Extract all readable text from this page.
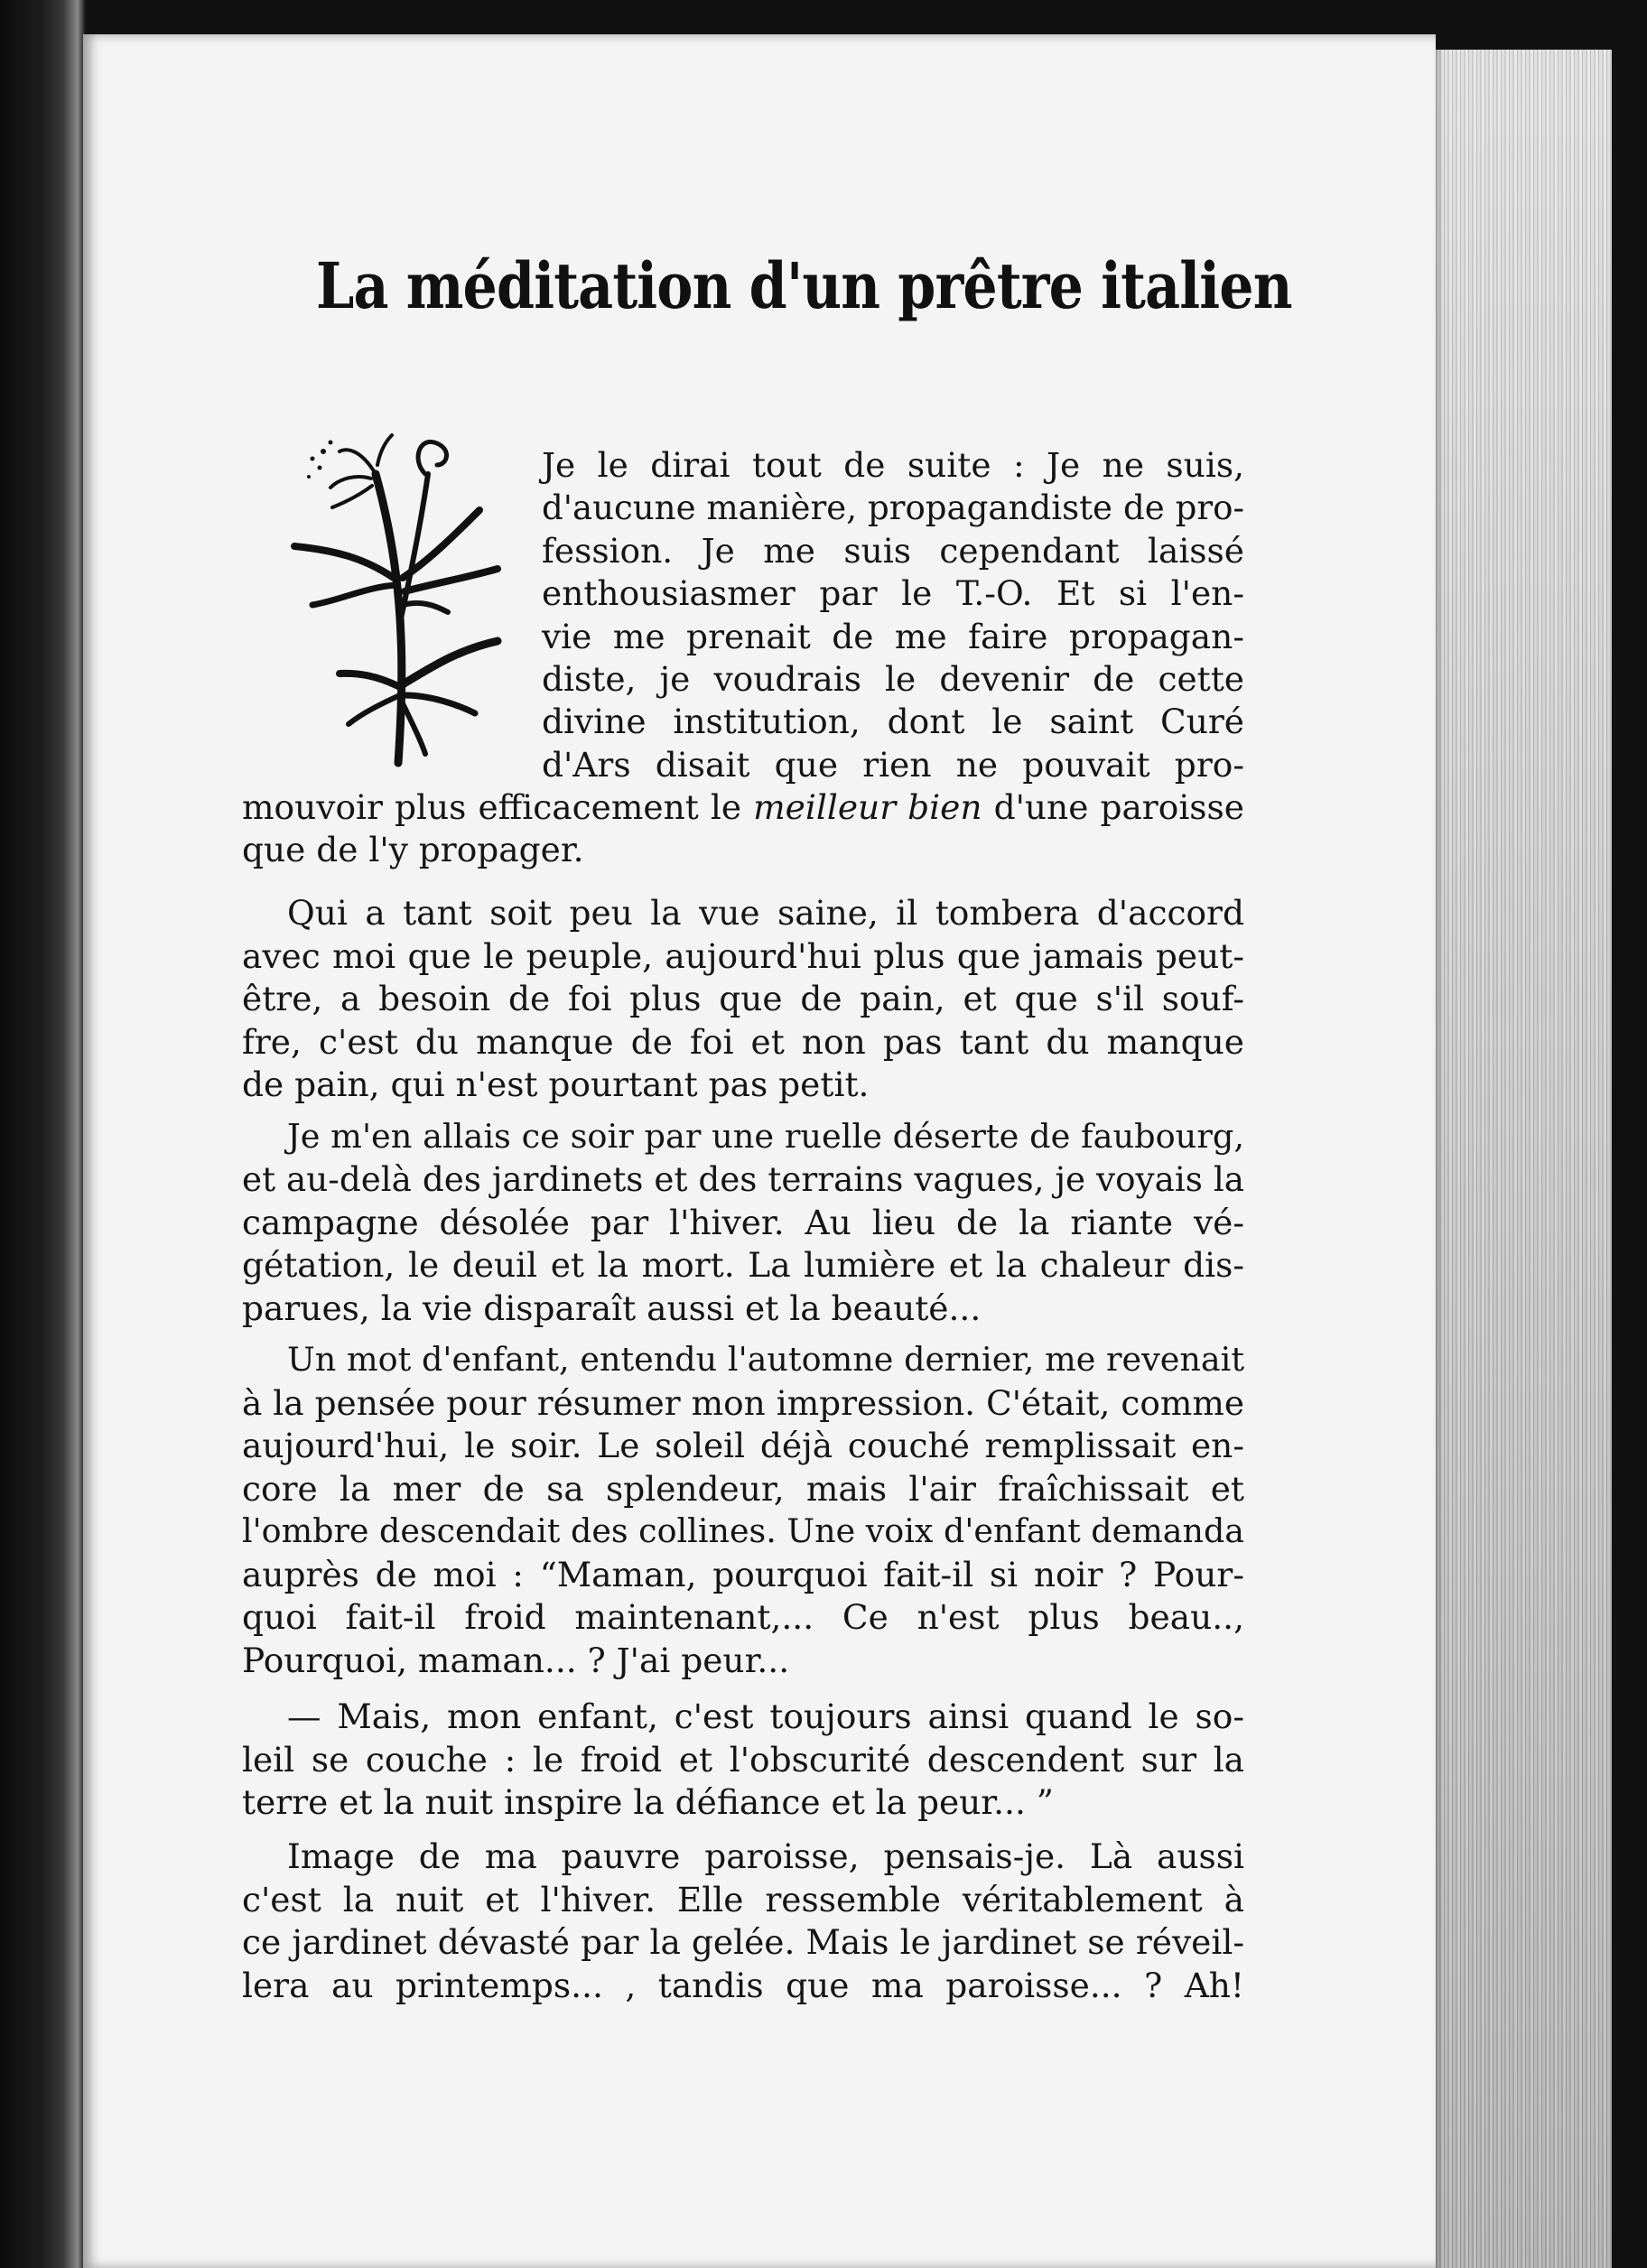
La méditation d'un prêtre italien
Je le dirai tout de suite : Je ne suis,
d'aucune manière, propagandiste de pro-
fession. Je me suis cependant laissé
enthousiasmer par le T.-O. Et si l'en-
vie me prenait de me faire propagan-
diste, je voudrais le devenir de cette
divine institution, dont le saint Curé
d'Ars disait que rien ne pouvait pro-
mouvoir plus efficacement le meilleur bien d'une paroisse
que de l'y propager.
Qui a tant soit peu la vue saine, il tombera d'accord
avec moi que le peuple, aujourd'hui plus que jamais peut-
être, a besoin de foi plus que de pain, et que s'il souf-
fre, c'est du manque de foi et non pas tant du manque
de pain, qui n'est pourtant pas petit.
Je m'en allais ce soir par une ruelle déserte de faubourg,
et au-delà des jardinets et des terrains vagues, je voyais la
campagne désolée par l'hiver. Au lieu de la riante vé-
gétation, le deuil et la mort. La lumière et la chaleur dis-
parues, la vie disparaît aussi et la beauté...
Un mot d'enfant, entendu l'automne dernier, me revenait
à la pensée pour résumer mon impression. C'était, comme
aujourd'hui, le soir. Le soleil déjà couché remplissait en-
core la mer de sa splendeur, mais l'air fraîchissait et
l'ombre descendait des collines. Une voix d'enfant demanda
auprès de moi : “Maman, pourquoi fait-il si noir ? Pour-
quoi fait-il froid maintenant,... Ce n'est plus beau..,
Pourquoi, maman... ? J'ai peur...
— Mais, mon enfant, c'est toujours ainsi quand le so-
leil se couche : le froid et l'obscurité descendent sur la
terre et la nuit inspire la défiance et la peur... ”
Image de ma pauvre paroisse, pensais-je. Là aussi
c'est la nuit et l'hiver. Elle ressemble véritablement à
ce jardinet dévasté par la gelée. Mais le jardinet se réveil-
lera au printemps... , tandis que ma paroisse... ? Ah!
